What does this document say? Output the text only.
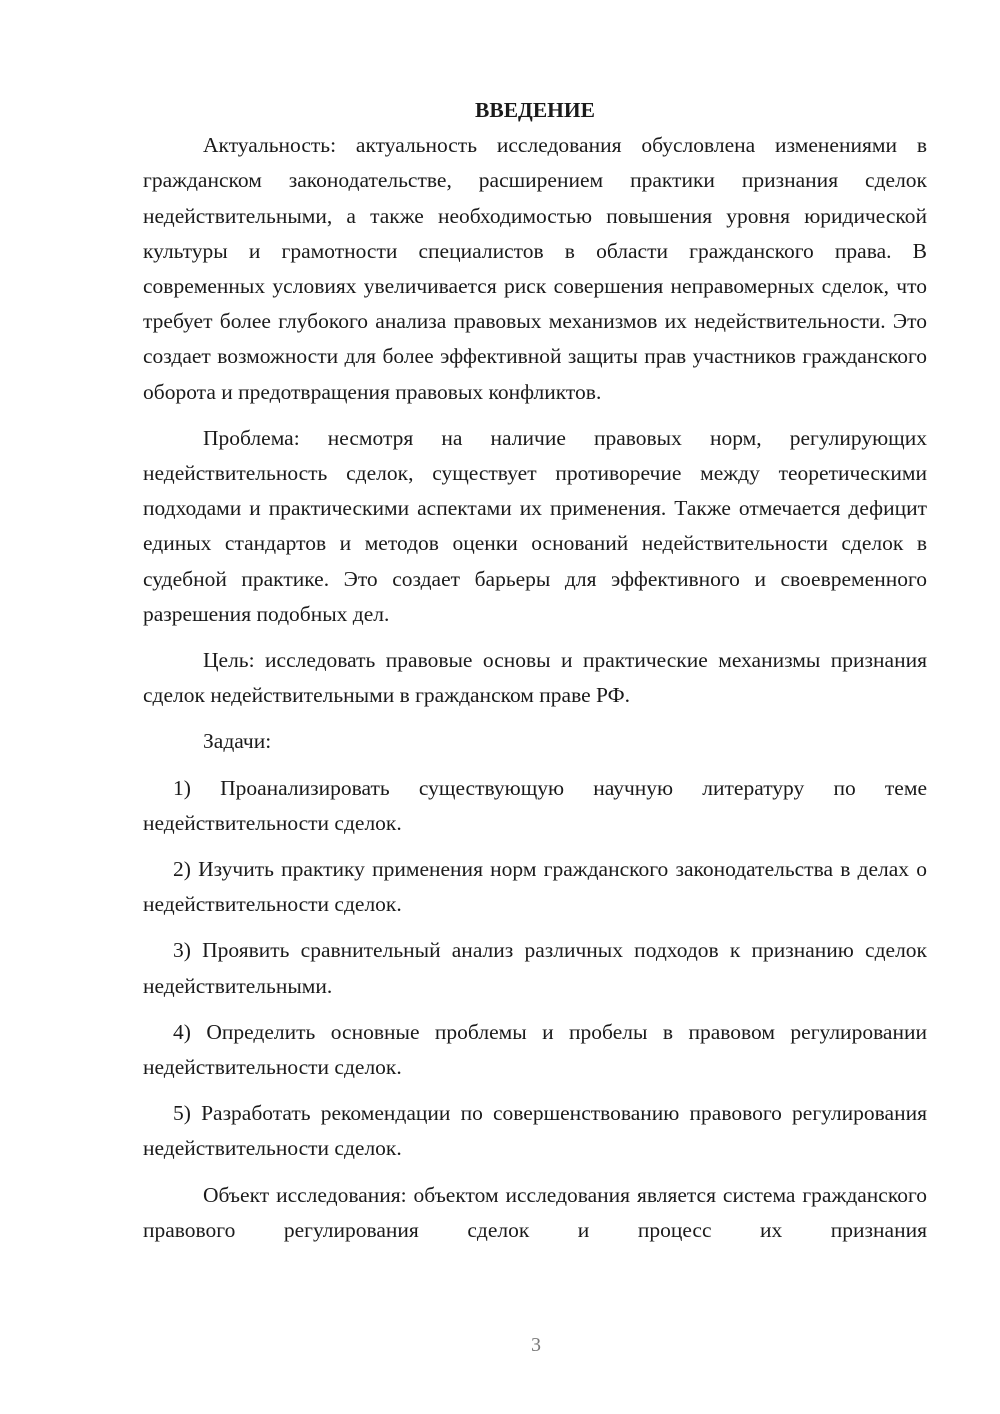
ВВЕДЕНИЕ

Актуальность: актуальность исследования обусловлена изменениями в гражданском законодательстве, расширением практики признания сделок недействительными, а также необходимостью повышения уровня юридической культуры и грамотности специалистов в области гражданского права. В современных условиях увеличивается риск совершения неправомерных сделок, что требует более глубокого анализа правовых механизмов их недействительности. Это создает возможности для более эффективной защиты прав участников гражданского оборота и предотвращения правовых конфликтов.

Проблема: несмотря на наличие правовых норм, регулирующих недействительность сделок, существует противоречие между теоретическими подходами и практическими аспектами их применения. Также отмечается дефицит единых стандартов и методов оценки оснований недействительности сделок в судебной практике. Это создает барьеры для эффективного и своевременного разрешения подобных дел.

Цель: исследовать правовые основы и практические механизмы признания сделок недействительными в гражданском праве РФ.

Задачи:

1) Проанализировать существующую научную литературу по теме недействительности сделок.

2) Изучить практику применения норм гражданского законодательства в делах о недействительности сделок.

3) Проявить сравнительный анализ различных подходов к признанию сделок недействительными.

4) Определить основные проблемы и пробелы в правовом регулировании недействительности сделок.

5) Разработать рекомендации по совершенствованию правового регулирования недействительности сделок.

Объект исследования: объектом исследования является система гражданского правового регулирования сделок и процесс их признания

3
